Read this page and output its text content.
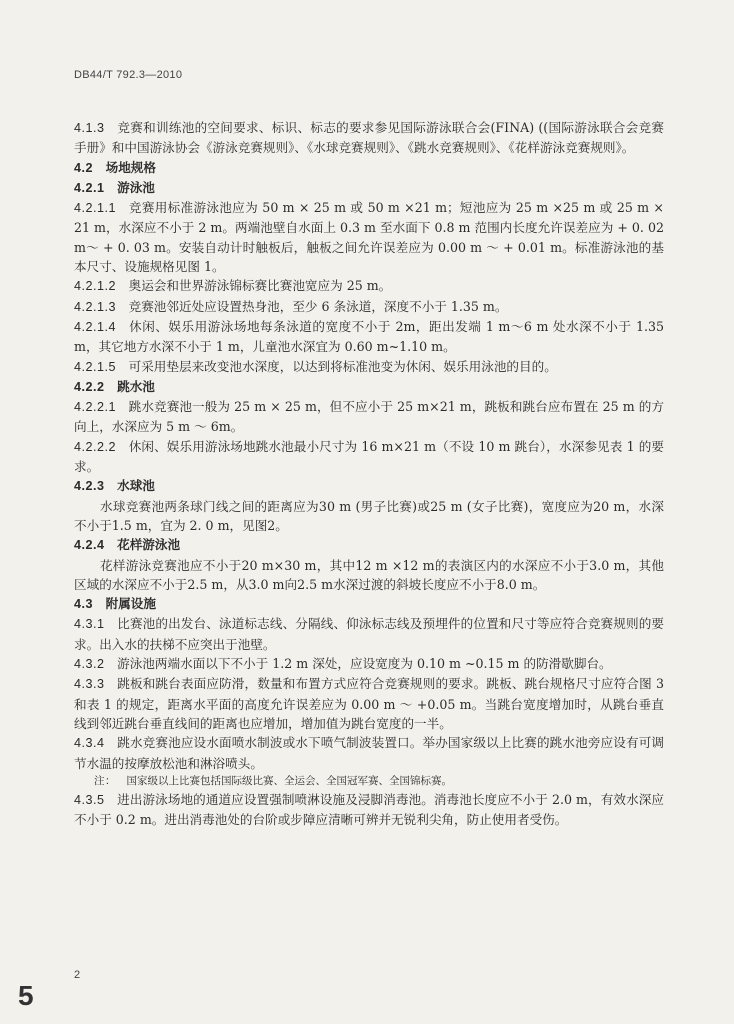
DB44/T 792.3—2010

4.1.3  竞赛和训练池的空间要求、标识、标志的要求参见国际游泳联合会(FINA) ((国际游泳联合会竞赛手册》和中国游泳协会《游泳竞赛规则》、《水球竞赛规则》、《跳水竞赛规则》、《花样游泳竞赛规则》。

4.2  场地规格

4.2.1  游泳池

4.2.1.1  竞赛用标准游泳池应为 50 m × 25 m 或 50 m ×21 m；短池应为 25 m ×25 m 或 25 m × 21 m，水深应不小于 2 m。两端池壁自水面上 0.3 m 至水面下 0.8 m 范围内长度允许误差应为 + 0. 02 m～ + 0. 03 m。安装自动计时触板后，触板之间允许误差应为 0.00 m ～ + 0.01 m。标准游泳池的基本尺寸、设施规格见图 1。

4.2.1.2  奥运会和世界游泳锦标赛比赛池宽应为 25 m。

4.2.1.3  竞赛池邻近处应设置热身池，至少 6 条泳道，深度不小于 1.35 m。

4.2.1.4  休闲、娱乐用游泳场地每条泳道的宽度不小于 2m，距出发端 1 m～6 m 处水深不小于 1.35 m，其它地方水深不小于 1 m，儿童池水深宜为 0.60 m~1.10 m。

4.2.1.5  可采用垫层来改变池水深度，以达到将标准池变为休闲、娱乐用泳池的目的。

4.2.2  跳水池

4.2.2.1  跳水竞赛池一般为 25 m × 25 m，但不应小于 25 m×21 m，跳板和跳台应布置在 25 m 的方向上，水深应为 5 m ～ 6m。

4.2.2.2  休闲、娱乐用游泳场地跳水池最小尺寸为 16 m×21 m（不设 10 m 跳台），水深参见表 1 的要求。

4.2.3  水球池

水球竞赛池两条球门线之间的距离应为30 m (男子比赛)或25 m (女子比赛)，宽度应为20 m，水深不小于1.5 m，宜为 2. 0 m，见图2。

4.2.4  花样游泳池

花样游泳竞赛池应不小于20 m×30 m，其中12 m ×12 m的表演区内的水深应不小于3.0 m，其他区域的水深应不小于2.5 m，从3.0 m向2.5 m水深过渡的斜坡长度应不小于8.0 m。

4.3  附属设施

4.3.1  比赛池的出发台、泳道标志线、分隔线、仰泳标志线及预埋件的位置和尺寸等应符合竞赛规则的要求。出入水的扶梯不应突出于池壁。

4.3.2  游泳池两端水面以下不小于 1.2 m 深处，应设宽度为 0.10 m ~0.15 m 的防滑歇脚台。

4.3.3  跳板和跳台表面应防滑，数量和布置方式应符合竞赛规则的要求。跳板、跳台规格尺寸应符合图 3 和表 1 的规定，距离水平面的高度允许误差应为 0.00 m ～ +0.05 m。当跳台宽度增加时，从跳台垂直线到邻近跳台垂直线间的距离也应增加，增加值为跳台宽度的一半。

4.3.4  跳水竞赛池应设水面喷水制波或水下喷气制波装置口。举办国家级以上比赛的跳水池旁应设有可调节水温的按摩放松池和淋浴喷头。

注：  国家级以上比赛包括国际级比赛、全运会、全国冠军赛、全国锦标赛。

4.3.5  进出游泳场地的通道应设置强制喷淋设施及浸脚消毒池。消毒池长度应不小于 2.0 m，有效水深应不小于 0.2 m。进出消毒池处的台阶或步障应清晰可辨并无锐利尖角，防止使用者受伤。

2
5
